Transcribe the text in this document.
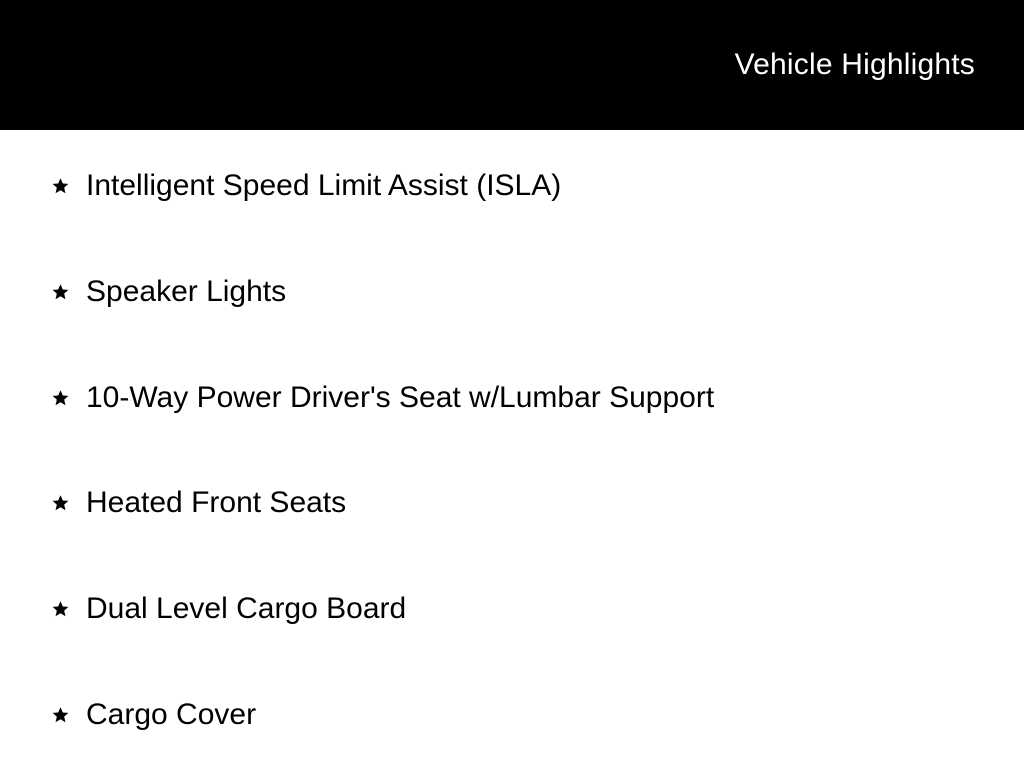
Vehicle Highlights
Intelligent Speed Limit Assist (ISLA)
Speaker Lights
10-Way Power Driver's Seat w/Lumbar Support
Heated Front Seats
Dual Level Cargo Board
Cargo Cover
